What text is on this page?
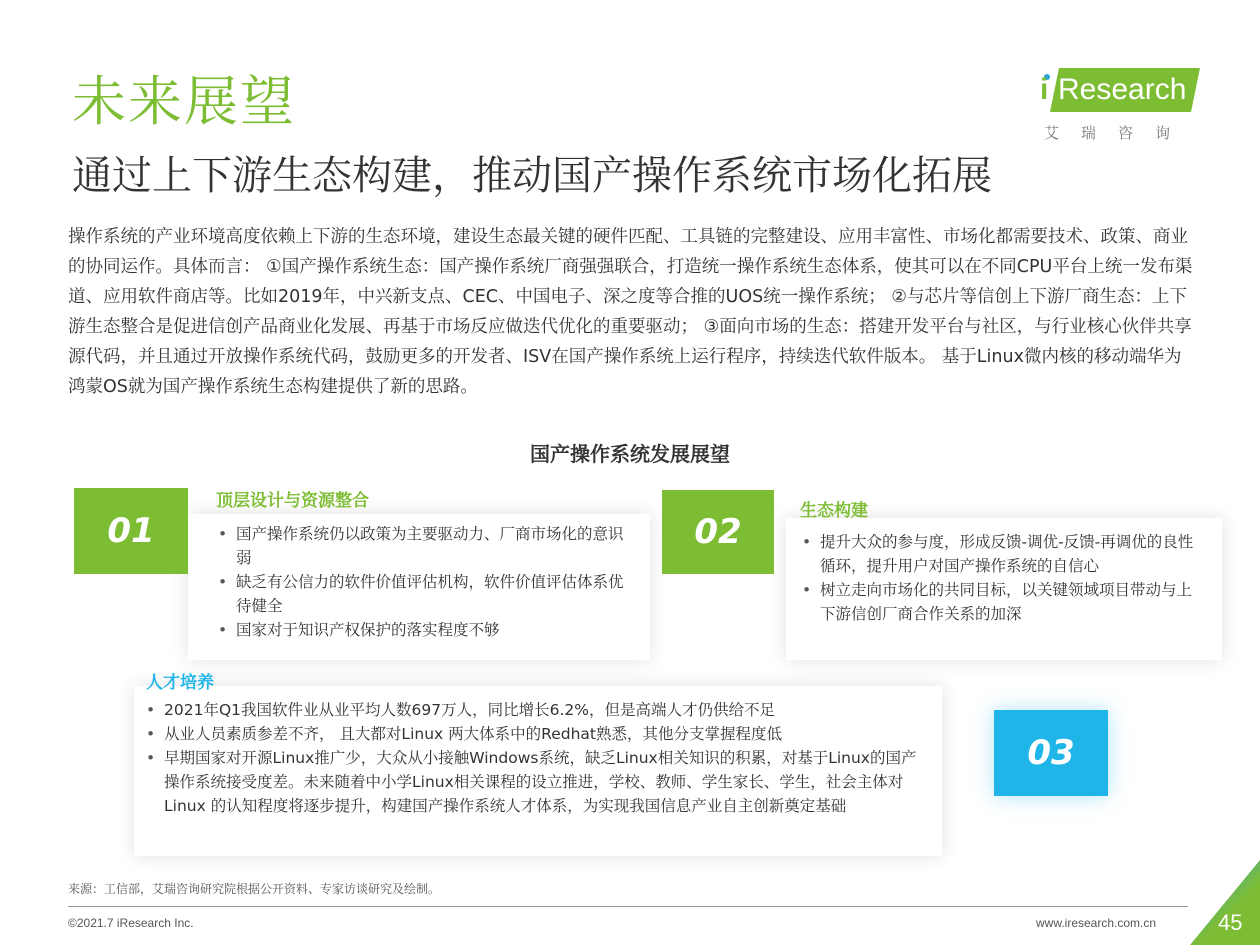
未来展望
通过上下游生态构建，推动国产操作系统市场化拓展
i Research
艾瑞咨询
操作系统的产业环境高度依赖上下游的生态环境，建设生态最关键的硬件匹配、工具链的完整建设、应用丰富性、市场化都需要技术、政策、商业的协同运作。具体而言： ①国产操作系统生态：国产操作系统厂商强强联合，打造统一操作系统生态体系，使其可以在不同CPU平台上统一发布渠道、应用软件商店等。比如2019年，中兴新支点、CEC、中国电子、深之度等合推的UOS统一操作系统； ②与芯片等信创上下游厂商生态：上下游生态整合是促进信创产品商业化发展、再基于市场反应做迭代优化的重要驱动； ③面向市场的生态：搭建开发平台与社区，与行业核心伙伴共享源代码，并且通过开放操作系统代码，鼓励更多的开发者、ISV在国产操作系统上运行程序，持续迭代软件版本。 基于Linux微内核的移动端华为鸿蒙OS就为国产操作系统生态构建提供了新的思路。
国产操作系统发展展望
01
顶层设计与资源整合
• 国产操作系统仍以政策为主要驱动力、厂商市场化的意识弱
• 缺乏有公信力的软件价值评估机构，软件价值评估体系优待健全
• 国家对于知识产权保护的落实程度不够
02
生态构建
• 提升大众的参与度，形成反馈-调优-反馈-再调优的良性循环，提升用户对国产操作系统的自信心
• 树立走向市场化的共同目标，以关键领域项目带动与上下游信创厂商合作关系的加深
人才培养
• 2021年Q1我国软件业从业平均人数697万人，同比增长6.2%，但是高端人才仍供给不足
• 从业人员素质参差不齐， 且大都对Linux 两大体系中的Redhat熟悉，其他分支掌握程度低
• 早期国家对开源Linux推广少，大众从小接触Windows系统，缺乏Linux相关知识的积累，对基于Linux的国产操作系统接受度差。未来随着中小学Linux相关课程的设立推进，学校、教师、学生家长、学生，社会主体对Linux 的认知程度将逐步提升，构建国产操作系统人才体系，为实现我国信息产业自主创新奠定基础
03
来源：工信部，艾瑞咨询研究院根据公开资料、专家访谈研究及绘制。
©2021.7 iResearch Inc.	www.iresearch.com.cn	45
